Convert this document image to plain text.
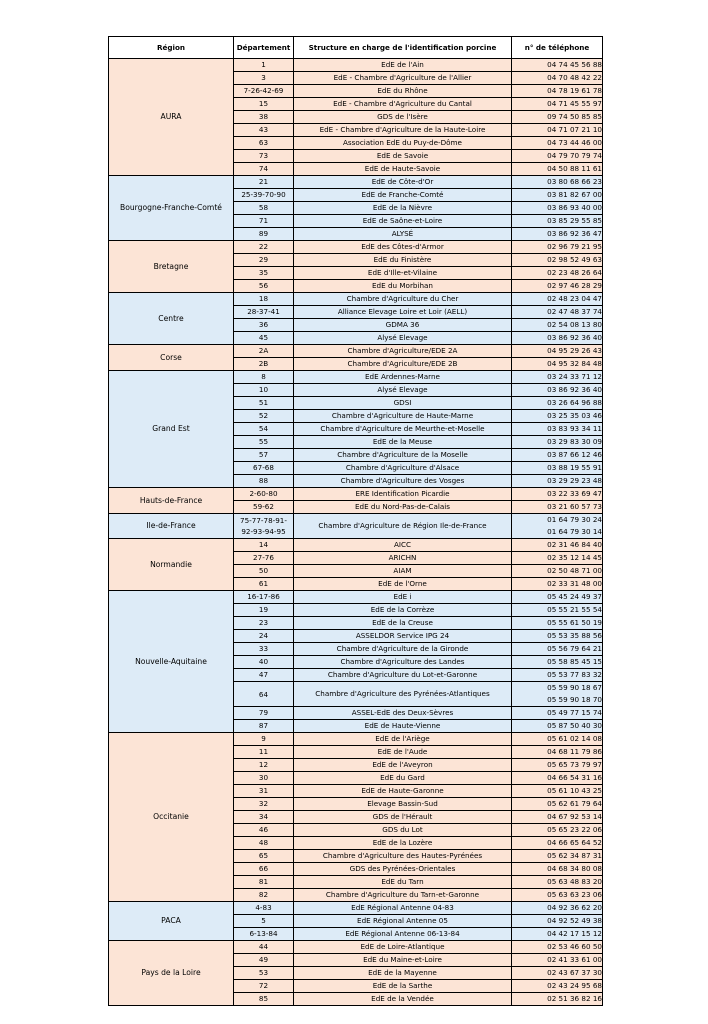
Région	Département	Structure en charge de l'identification porcine	n° de téléphone
AURA	1	EdE de l'Ain	04 74 45 56 88

	3	EdE - Chambre d'Agriculture de l'Allier	04 70 48 42 22

	7-26-42-69	EdE du Rhône	04 78 19 61 78

	15	EdE - Chambre d'Agriculture du Cantal	04 71 45 55 97

	38	GDS de l'Isère	09 74 50 85 85

	43	EdE - Chambre d'Agriculture de la Haute-Loire	04 71 07 21 10

	63	Association EdE du Puy-de-Dôme	04 73 44 46 00

	73	EdE de Savoie	04 79 70 79 74

	74	EdE de Haute-Savoie	04 50 88 11 61

Bourgogne-Franche-Comté	21	EdE de Côte-d'Or	03 80 68 66 23

	25-39-70-90	EdE de Franche-Comté	03 81 82 67 00

	58	EdE de la Nièvre	03 86 93 40 00

	71	EdE de Saône-et-Loire	03 85 29 55 85

	89	ALYSÉ	03 86 92 36 47

Bretagne	22	EdE des Côtes-d'Armor	02 96 79 21 95

	29	EdE du Finistère	02 98 52 49 63

	35	EdE d'Ille-et-Vilaine	02 23 48 26 64

	56	EdE du Morbihan	02 97 46 28 29

Centre	18	Chambre d'Agriculture du Cher	02 48 23 04 47

	28-37-41	Alliance Elevage Loire et Loir (AELL)	02 47 48 37 74

	36	GDMA 36	02 54 08 13 80

	45	Alysé Elevage	03 86 92 36 40

Corse	2A	Chambre d'Agriculture/EDE 2A	04 95 29 26 43

	2B	Chambre d'Agriculture/EDE 2B	04 95 32 84 48

Grand Est	8	EdE Ardennes-Marne	03 24 33 71 12

	10	Alysé Elevage	03 86 92 36 40

	51	GDSI	03 26 64 96 88

	52	Chambre d'Agriculture de Haute-Marne	03 25 35 03 46

	54	Chambre d'Agriculture de Meurthe-et-Moselle	03 83 93 34 11

	55	EdE de la Meuse	03 29 83 30 09

	57	Chambre d'Agriculture de la Moselle	03 87 66 12 46

	67-68	Chambre d'Agriculture d'Alsace	03 88 19 55 91

	88	Chambre d'Agriculture des Vosges	03 29 29 23 48

Hauts-de-France	2-60-80	ERE Identification Picardie	03 22 33 69 47

	59-62	EdE du Nord-Pas-de-Calais	03 21 60 57 73

Ile-de-France	75-77-78-91-92-93-94-95	Chambre d'Agriculture de Région Ile-de-France	01 64 79 30 24
01 64 79 30 14

Normandie	14	AICC	02 31 46 84 40

	27-76	ARICHN	02 35 12 14 45

	50	AIAM	02 50 48 71 00

	61	EdE de l'Orne	02 33 31 48 00

Nouvelle-Aquitaine	16-17-86	EdE i	05 45 24 49 37

	19	EdE de la Corrèze	05 55 21 55 54

	23	EdE de la Creuse	05 55 61 50 19

	24	ASSELDOR Service IPG 24	05 53 35 88 56

	33	Chambre d'Agriculture de la Gironde	05 56 79 64 21

	40	Chambre d'Agriculture des Landes	05 58 85 45 15

	47	Chambre d'Agriculture du Lot-et-Garonne	05 53 77 83 32

	64	Chambre d'Agriculture des Pyrénées-Atlantiques	05 59 90 18 67
05 59 90 18 70

	79	ASSEL-EdE des Deux-Sèvres	05 49 77 15 74

	87	EdE de Haute-Vienne	05 87 50 40 30

Occitanie	9	EdE de l'Ariège	05 61 02 14 08

	11	EdE de l'Aude	04 68 11 79 86

	12	EdE de l'Aveyron	05 65 73 79 97

	30	EdE du Gard	04 66 54 31 16

	31	EdE de Haute-Garonne	05 61 10 43 25

	32	Elevage Bassin-Sud	05 62 61 79 64

	34	GDS de l'Hérault	04 67 92 53 14

	46	GDS du Lot	05 65 23 22 06

	48	EdE de la Lozère	04 66 65 64 52

	65	Chambre d'Agriculture des Hautes-Pyrénées	05 62 34 87 31

	66	GDS des Pyrénées-Orientales	04 68 34 80 08

	81	EdE du Tarn	05 63 48 83 20

	82	Chambre d'Agriculture du Tarn-et-Garonne	05 63 63 23 06

PACA	4-83	EdE Régional Antenne 04-83	04 92 36 62 20

	5	EdE Régional Antenne 05	04 92 52 49 38

	6-13-84	EdE Régional Antenne 06-13-84	04 42 17 15 12

Pays de la Loire	44	EdE de Loire-Atlantique	02 53 46 60 50

	49	EdE du Maine-et-Loire	02 41 33 61 00

	53	EdE de la Mayenne	02 43 67 37 30

	72	EdE de la Sarthe	02 43 24 95 68

	85	EdE de la Vendée	02 51 36 82 16
